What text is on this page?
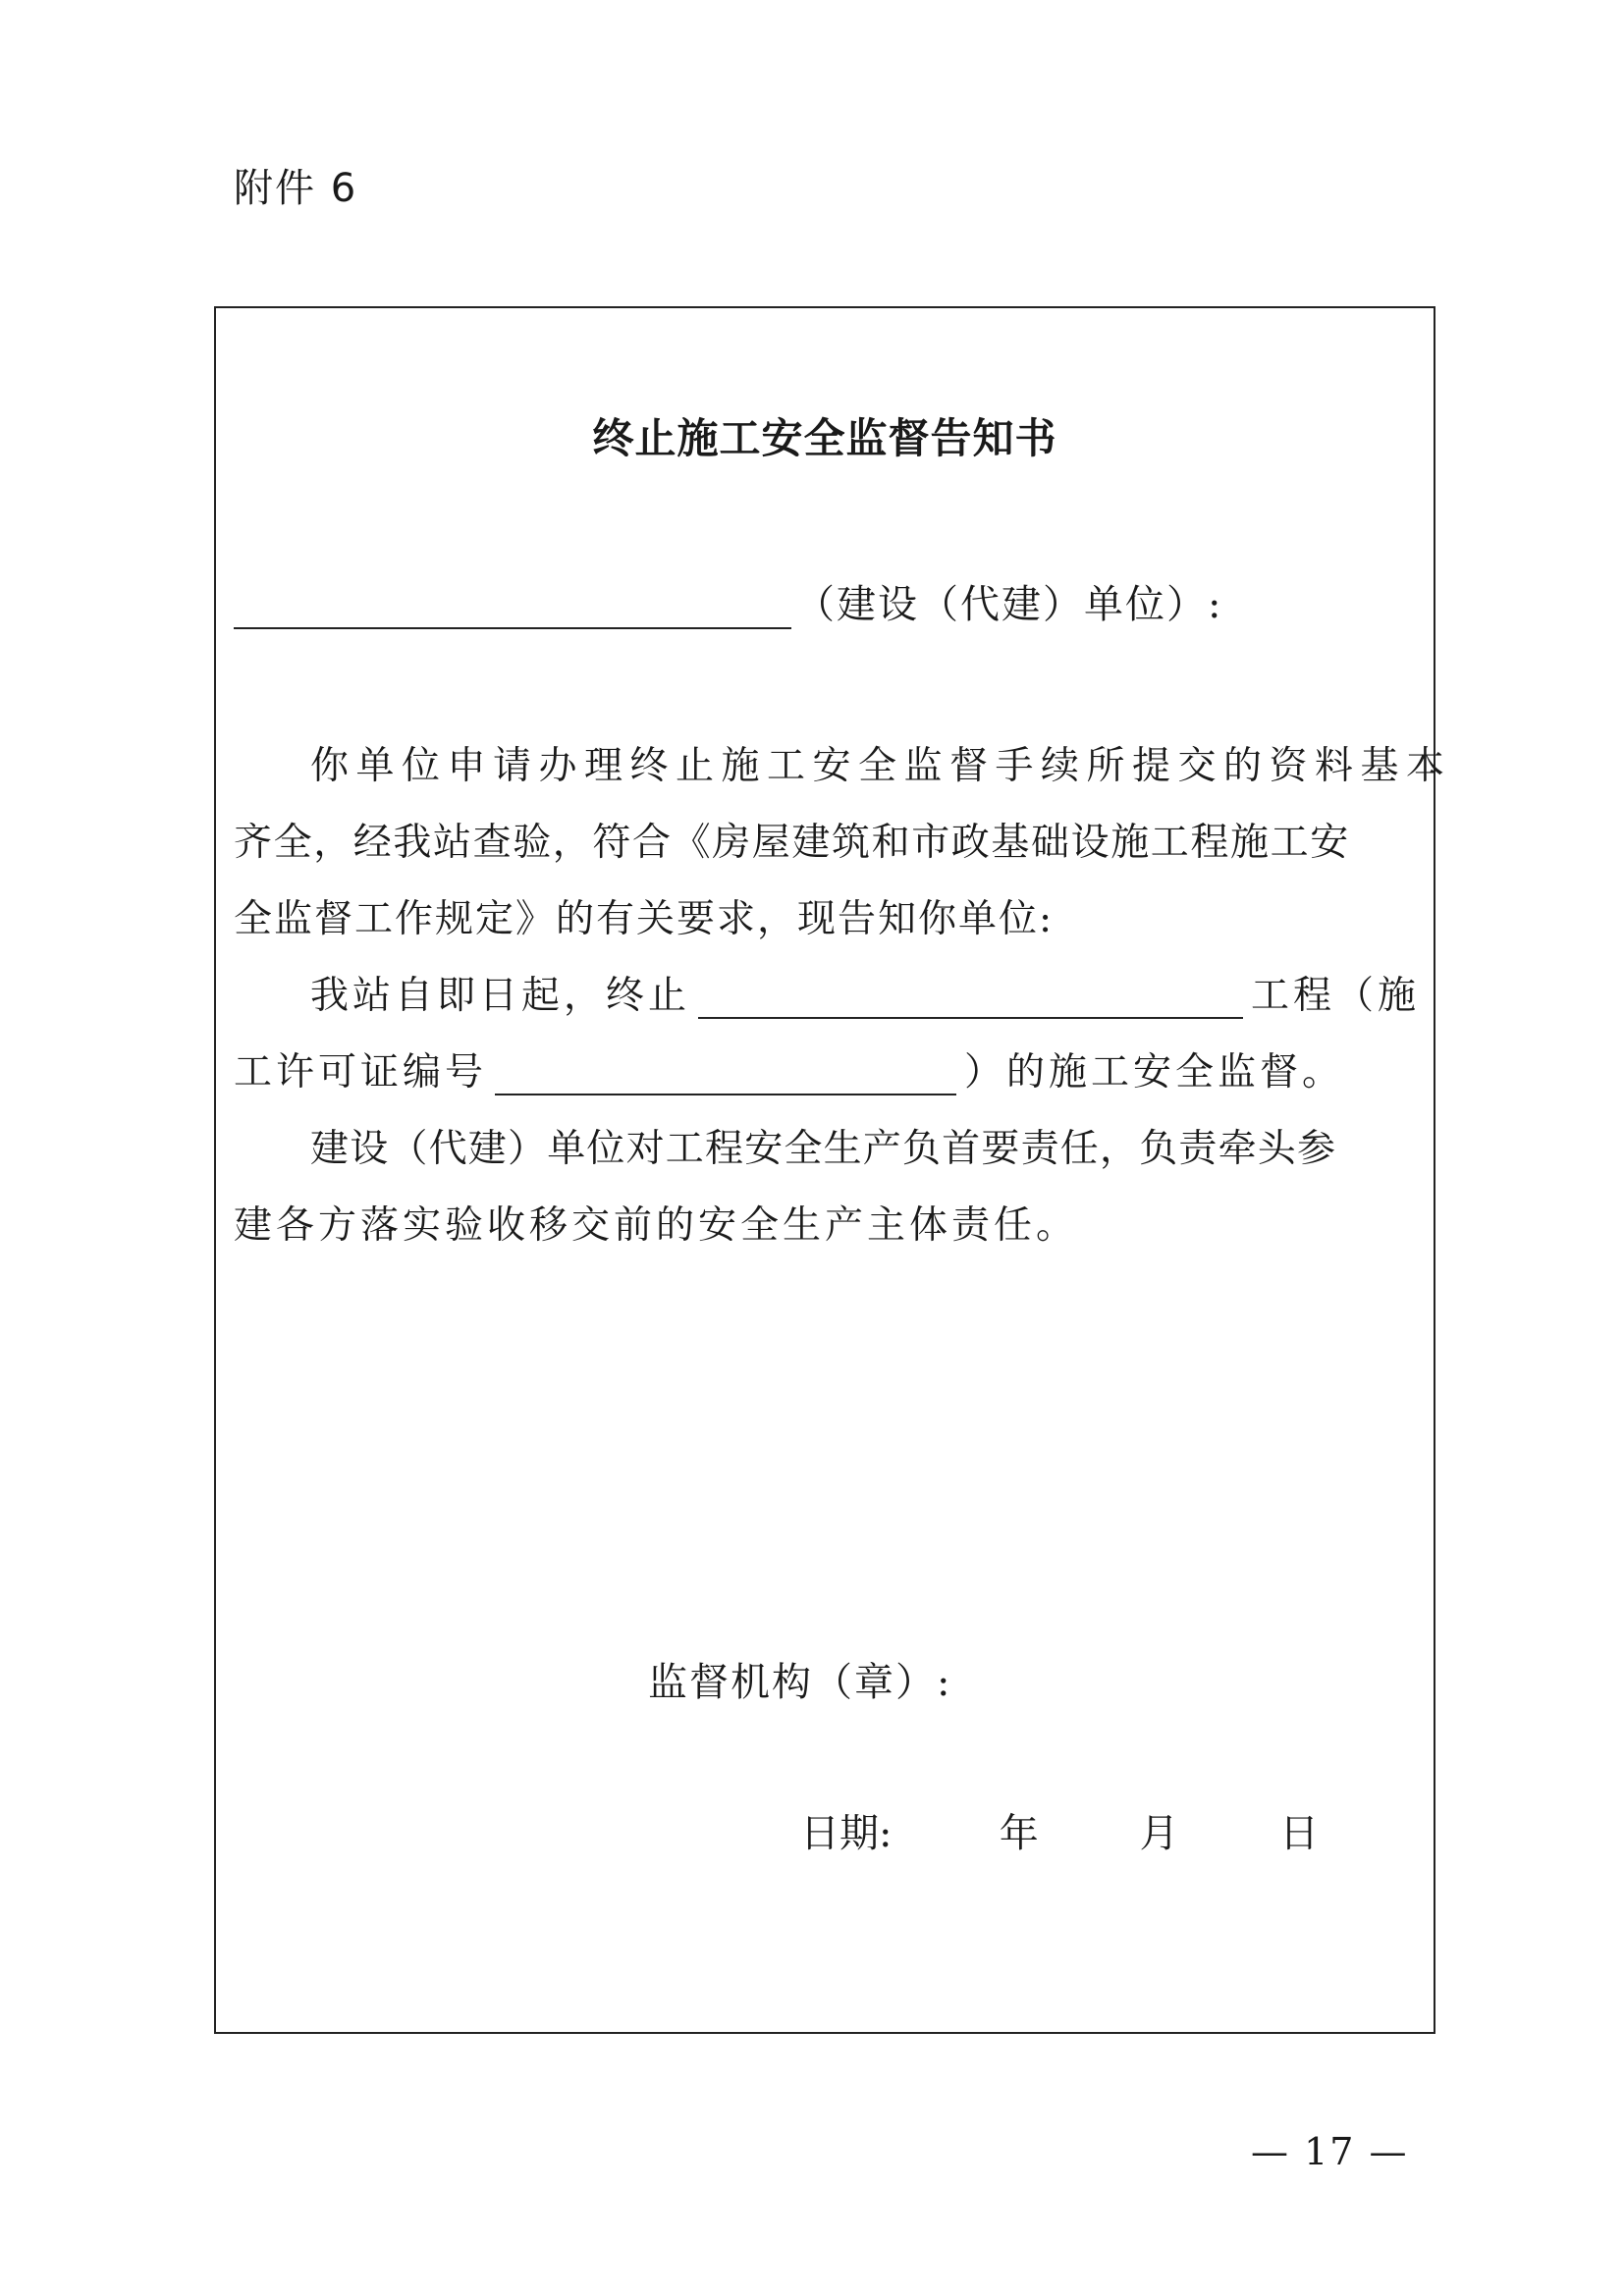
附件 6
终止施工安全监督告知书
（建设（代建）单位）:
你单位申请办理终止施工安全监督手续所提交的资料基本
齐全，经我站查验，符合《房屋建筑和市政基础设施工程施工安
全监督工作规定》的有关要求，现告知你单位:
我站自即日起，终止	工程（施
工许可证编号	）的施工安全监督。
建设（代建）单位对工程安全生产负首要责任，负责牵头参
建各方落实验收移交前的安全生产主体责任。
监督机构（章）:
日期:	年	月	日
— 17 —
